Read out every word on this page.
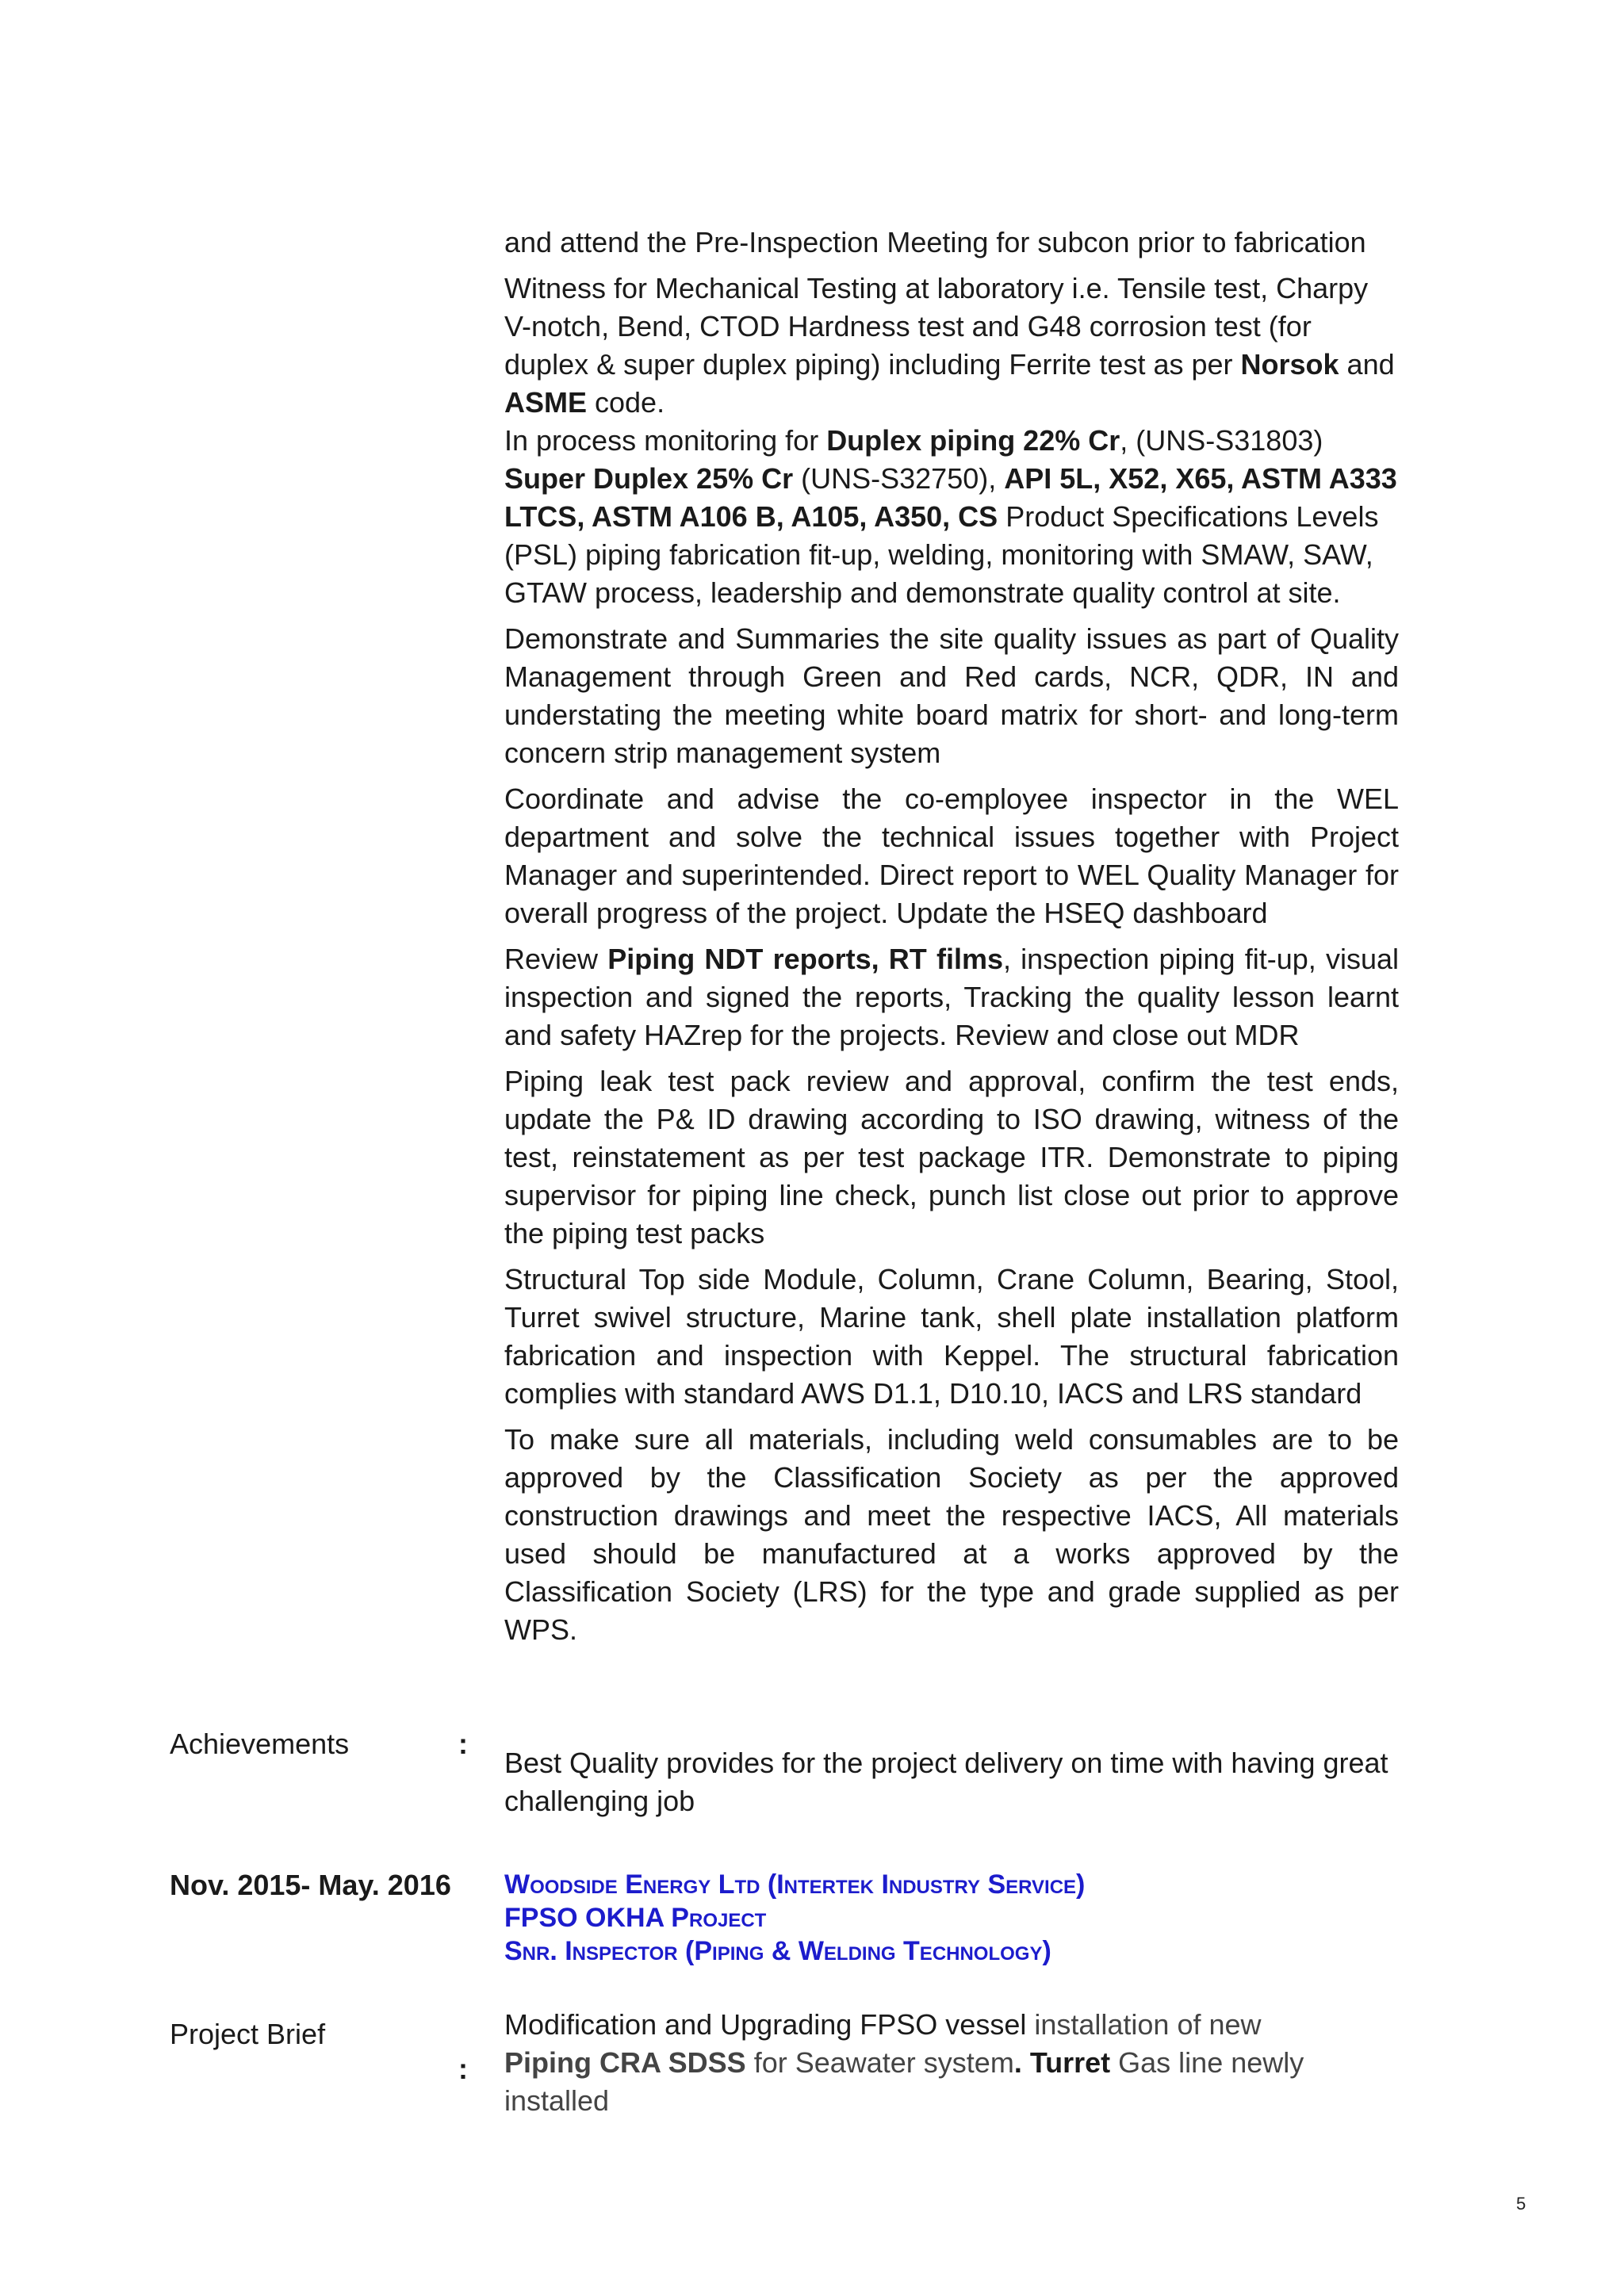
and attend the Pre-Inspection Meeting for subcon prior to fabrication

Witness for Mechanical Testing at laboratory i.e. Tensile test, Charpy V-notch, Bend, CTOD Hardness test and G48 corrosion test (for duplex & super duplex piping) including Ferrite test as per Norsok and ASME code.

In process monitoring for Duplex piping 22% Cr, (UNS-S31803) Super Duplex 25% Cr (UNS-S32750), API 5L, X52, X65, ASTM A333 LTCS, ASTM A106 B, A105, A350, CS Product Specifications Levels (PSL) piping fabrication fit-up, welding, monitoring with SMAW, SAW, GTAW process, leadership and demonstrate quality control at site.

Demonstrate and Summaries the site quality issues as part of Quality Management through Green and Red cards, NCR, QDR, IN and understating the meeting white board matrix for short- and long-term concern strip management system

Coordinate and advise the co-employee inspector in the WEL department and solve the technical issues together with Project Manager and superintended. Direct report to WEL Quality Manager for overall progress of the project. Update the HSEQ dashboard

Review Piping NDT reports, RT films, inspection piping fit-up, visual inspection and signed the reports, Tracking the quality lesson learnt and safety HAZrep for the projects. Review and close out MDR

Piping leak test pack review and approval, confirm the test ends, update the P& ID drawing according to ISO drawing, witness of the test, reinstatement as per test package ITR. Demonstrate to piping supervisor for piping line check, punch list close out prior to approve the piping test packs

Structural Top side Module, Column, Crane Column, Bearing, Stool, Turret swivel structure, Marine tank, shell plate installation platform fabrication and inspection with Keppel. The structural fabrication complies with standard AWS D1.1, D10.10, IACS and LRS standard

To make sure all materials, including weld consumables are to be approved by the Classification Society as per the approved construction drawings and meet the respective IACS, All materials used should be manufactured at a works approved by the Classification Society (LRS) for the type and grade supplied as per WPS.

Achievements	:
Best Quality provides for the project delivery on time with having great challenging job
Nov. 2015- May. 2016 Woodside Energy Ltd (Intertek Industry Service)
FPSO OKHA Project
Snr. Inspector (Piping & Welding Technology)
Project Brief
:
Modification and Upgrading FPSO vessel installation of new Piping CRA SDSS for Seawater system. Turret Gas line newly installed
5
